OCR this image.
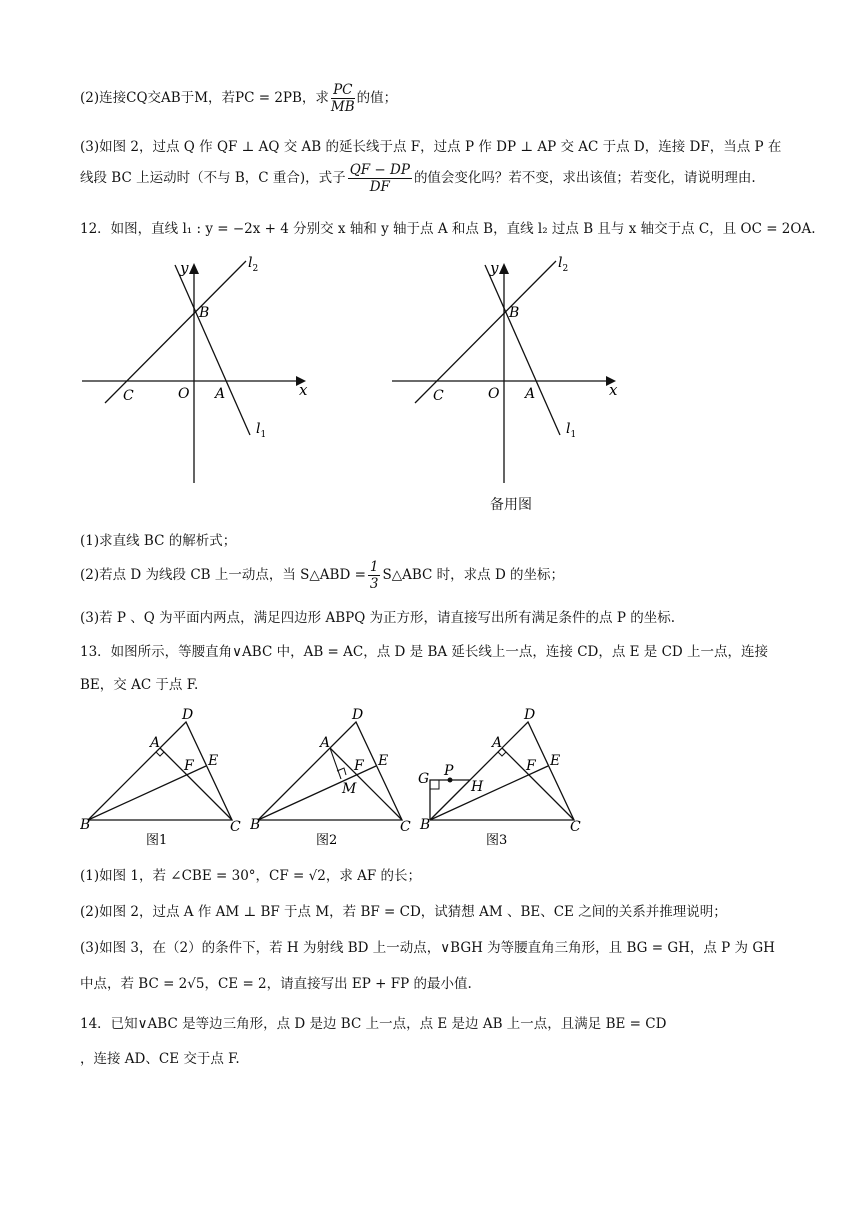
(2)连接CQ交AB于M，若PC = 2PB，求 $\frac{PC}{MB}$ 的值；
(3)如图 2，过点 Q 作 QF ⊥ AQ 交 AB 的延长线于点 F，过点 P 作 DP ⊥ AP 交 AC 于点 D，连接 DF，当点 P 在
线段 BC 上运动时（不与 B，C 重合)，式子 $\frac{QF - DP}{DF}$ 的值会变化吗？若不变，求出该值；若变化，请说明理由.
12．如图，直线 l₁ : y = −2x + 4 分别交 x 轴和 y 轴于点 A 和点 B，直线 l₂ 过点 B 且与 x 轴交于点 C，且 OC = 2OA.
(1)求直线 BC 的解析式；
(2)若点 D 为线段 CB 上一动点，当 S△ABD = $\frac{1}{3}$ S△ABC 时，求点 D 的坐标；
(3)若 P 、Q 为平面内两点，满足四边形 ABPQ 为正方形，请直接写出所有满足条件的点 P 的坐标.
13．如图所示，等腰直角∨ABC 中，AB = AC，点 D 是 BA 延长线上一点，连接 CD，点 E 是 CD 上一点，连接
BE，交 AC 于点 F.
(1)如图 1，若 ∠CBE = 30°，CF = √2，求 AF 的长；
(2)如图 2，过点 A 作 AM ⊥ BF 于点 M，若 BF = CD，试猜想 AM 、BE、CE 之间的关系并推理说明；
(3)如图 3，在（2）的条件下，若 H 为射线 BD 上一动点，∨BGH 为等腰直角三角形，且 BG = GH，点 P 为 GH
中点，若 BC = 2√5，CE = 2，请直接写出 EP + FP 的最小值.
14．已知∨ABC 是等边三角形，点 D 是边 BC 上一点，点 E 是边 AB 上一点，且满足 BE = CD
，连接 AD、CE 交于点 F.
y
x
O A
B
C
$l_2$
$l_1$
y
x
O A
B
C
$l_2$
$l_1$
备用图
D
A
E
F
B	C
图1
D
A
E
F
M
B	C
图2
D
A
E
F
G P
H
B	C
图3
